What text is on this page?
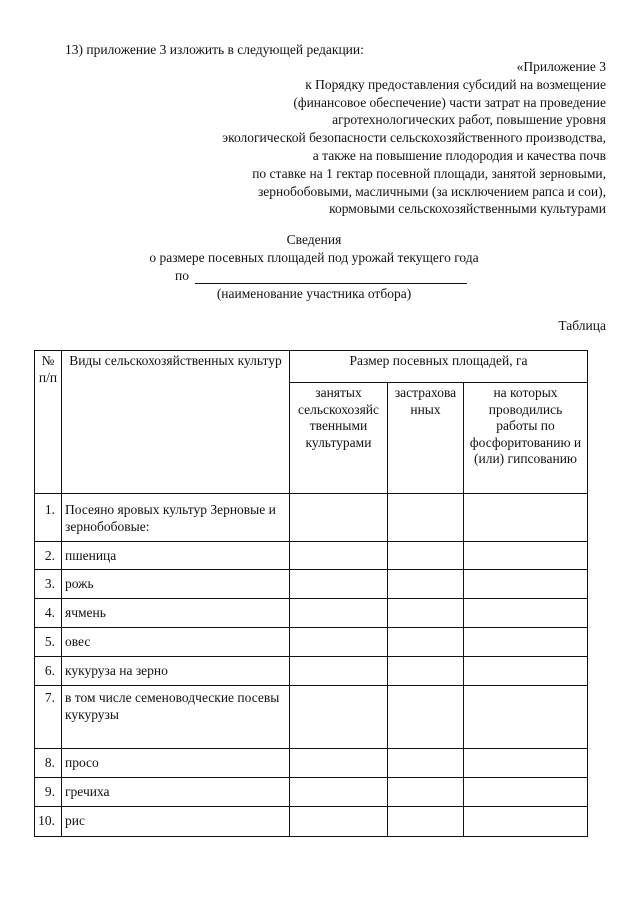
13) приложение 3 изложить в следующей редакции:
«Приложение 3
к Порядку предоставления субсидий на возмещение
(финансовое обеспечение) части затрат на проведение
агротехнологических работ, повышение уровня
экологической безопасности сельскохозяйственного производства,
а также на повышение плодородия и качества почв
по ставке на 1 гектар посевной площади, занятой зерновыми,
зернобобовыми, масличными (за исключением рапса и сои),
кормовыми сельскохозяйственными культурами
Сведения
о размере посевных площадей под урожай текущего года
по
(наименование участника отбора)
Таблица
№ п/п	Виды сельскохозяйственных культур	Размер посевных площадей, га		
		занятых сельскохозяйс твенными культурами	застрахова нных	на которых проводились работы по фосфоритованию и (или) гипсованию
1.	Посеяно яровых культур Зерновые и зернобобовые:			
2.	пшеница			
3.	рожь			
4.	ячмень			
5.	овес			
6.	кукуруза на зерно			
7.	в том числе семеноводческие посевы кукурузы			
8.	просо			
9.	гречиха			
10.	рис			
